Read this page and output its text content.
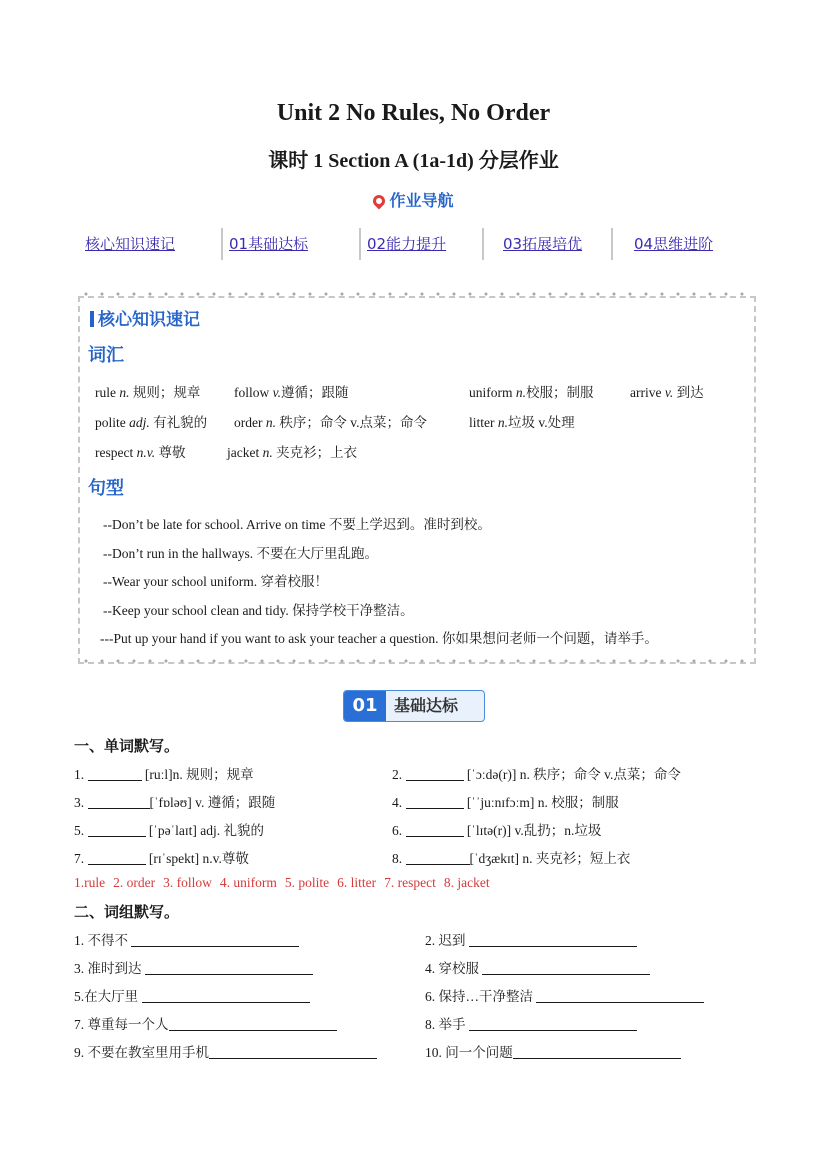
Unit 2 No Rules, No Order
课时 1 Section A (1a-1d) 分层作业
作业导航
核心知识速记	01基础达标	02能力提升	03拓展培优	04思维进阶
核心知识速记
词汇
rule n. 规则；规章 follow v.遵循；跟随	uniform n.校服；制服	arrive v. 到达
polite adj. 有礼貌的 order n. 秩序；命令 v.点菜；命令	litter n.垃圾 v.处理
respect n.v. 尊敬	jacket n. 夹克衫；上衣
句型
--Don’t be late for school. Arrive on time 不要上学迟到。准时到校。
--Don’t run in the hallways. 不要在大厅里乱跑。
--Wear your school uniform. 穿着校服！
--Keep your school clean and tidy. 保持学校干净整洁。
---Put up your hand if you want to ask your teacher a question. 你如果想问老师一个问题，请举手。
01	基础达标
一、单词默写。
1.	[ruːl]n. 规则；规章	2.	[ˈɔːdə(r)] n. 秩序；命令 v.点菜；命令
3.	[ˈfɒləʊ] v. 遵循；跟随	4.	[ˈˈjuːnɪfɔːm] n. 校服；制服
5.	[ˈpəˈlaɪt] adj. 礼貌的	6.	[ˈlɪtə(r)] v.乱扔；n.垃圾
7.	[rɪˈspekt] n.v.尊敬	8.	[ˈdʒækɪt] n. 夹克衫；短上衣
1.rule 2. order 3. follow 4. uniform 5. polite 6. litter 7. respect 8. jacket
二、词组默写。
1. 不得不	2. 迟到
3. 准时到达	4. 穿校服
5.在大厅里	6. 保持…干净整洁
7. 尊重每一个人	8. 举手
9. 不要在教室里用手机	10. 问一个问题
